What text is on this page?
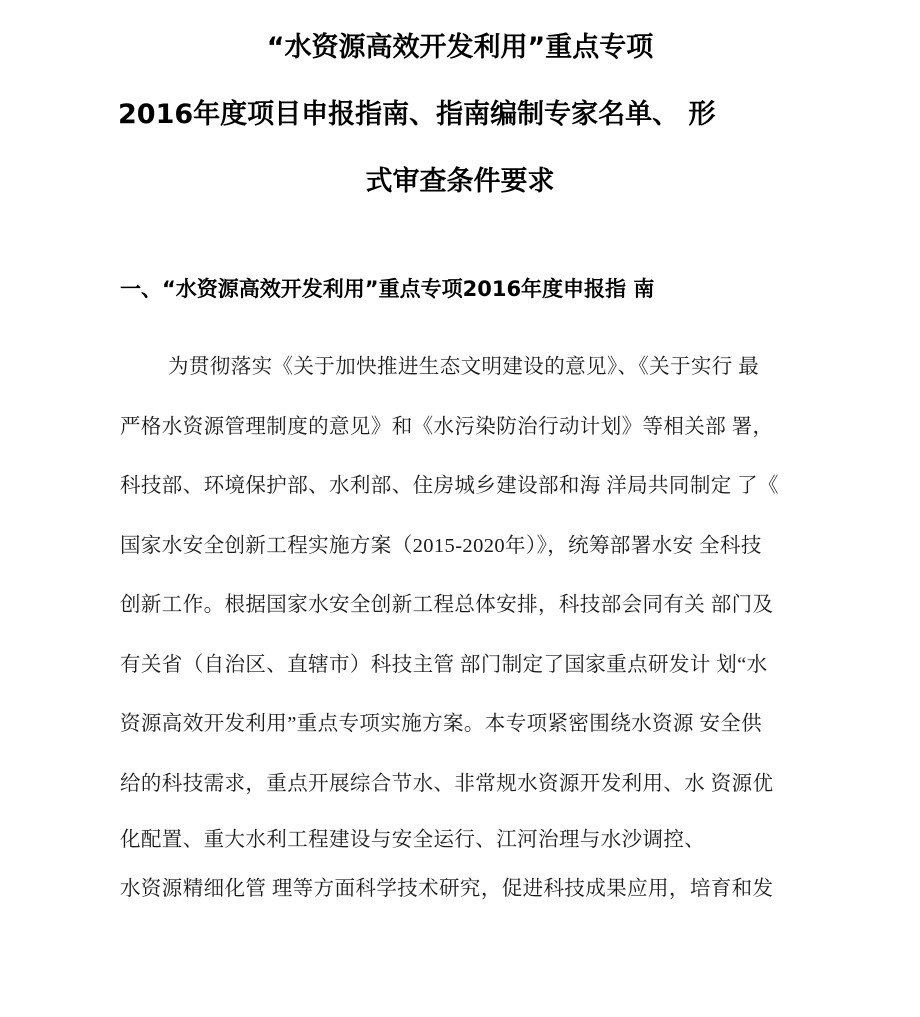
“水资源高效开发利用”重点专项
2016年度项目申报指南、指南编制专家名单、 形
式审查条件要求
一、“水资源高效开发利用”重点专项2016年度申报指 南
为贯彻落实《关于加快推进生态文明建设的意见》、《关于实行 最
严格水资源管理制度的意见》和《水污染防治行动计划》等相关部 署，
科技部、环境保护部、水利部、住房城乡建设部和海 洋局共同制定 了《
国家水安全创新工程实施方案（2015-2020年）》，统筹部署水安 全科技
创新工作。根据国家水安全创新工程总体安排，科技部会同有关 部门及
有关省（自治区、直辖市）科技主管 部门制定了国家重点研发计 划“水
资源高效开发利用”重点专项实施方案。本专项紧密围绕水资源 安全供
给的科技需求，重点开展综合节水、非常规水资源开发利用、水 资源优
化配置、重大水利工程建设与安全运行、江河治理与水沙调控、
水资源精细化管 理等方面科学技术研究，促进科技成果应用，培育和发
